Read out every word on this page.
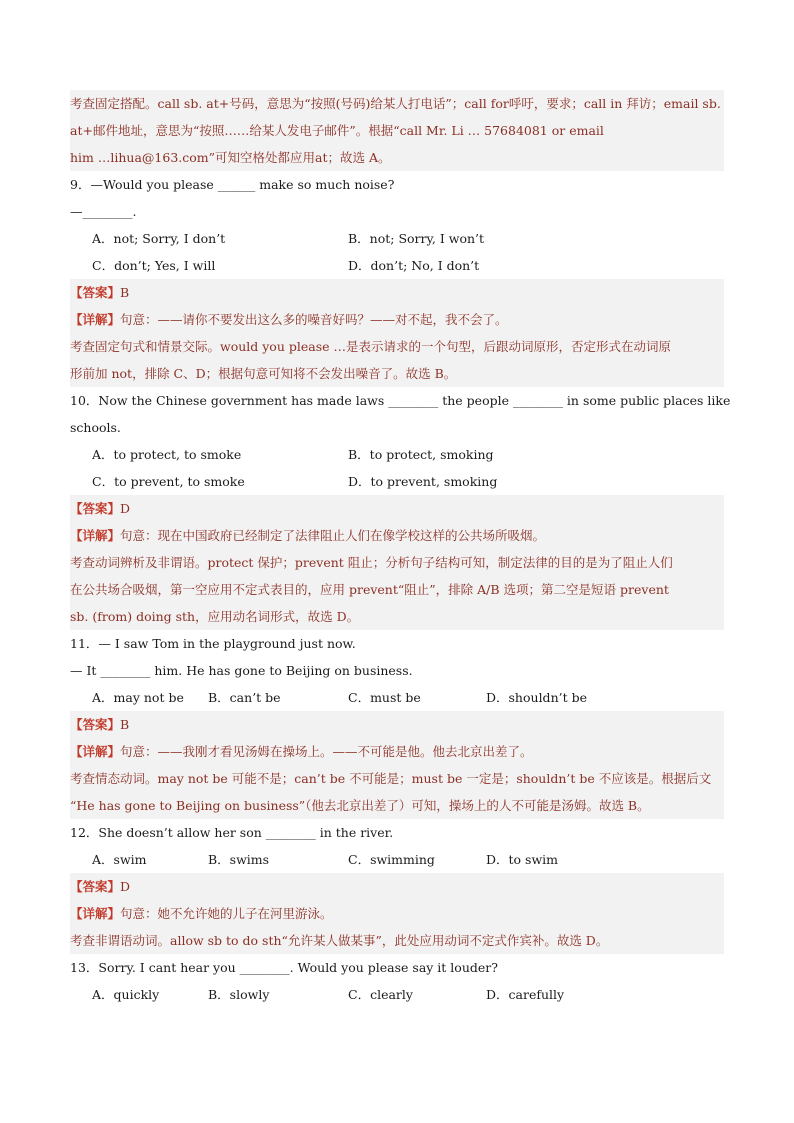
考查固定搭配。call sb. at+号码，意思为“按照(号码)给某人打电话”；call for呼吁，要求；call in 拜访；email sb.
at+邮件地址，意思为“按照……给某人发电子邮件”。根据“call Mr. Li … 57684081 or email
him …lihua@163.com”可知空格处都应用at；故选 A。
9．—Would you please ______ make so much noise?
—________.
A．not; Sorry, I don’t	B．not; Sorry, I won’t
C．don’t; Yes, I will	D．don’t; No, I don’t
【答案】B
【详解】句意：——请你不要发出这么多的噪音好吗？——对不起，我不会了。
考查固定句式和情景交际。would you please …是表示请求的一个句型，后跟动词原形，否定形式在动词原
形前加 not，排除 C、D；根据句意可知将不会发出噪音了。故选 B。
10．Now the Chinese government has made laws ________ the people ________ in some public places like
schools.
A．to protect, to smoke	B．to protect, smoking
C．to prevent, to smoke	D．to prevent, smoking
【答案】D
【详解】句意：现在中国政府已经制定了法律阻止人们在像学校这样的公共场所吸烟。
考查动词辨析及非谓语。protect 保护；prevent 阻止；分析句子结构可知，制定法律的目的是为了阻止人们
在公共场合吸烟，第一空应用不定式表目的，应用 prevent“阻止”，排除 A/B 选项；第二空是短语 prevent
sb. (from) doing sth，应用动名词形式，故选 D。
11．— I saw Tom in the playground just now.
— It ________ him. He has gone to Beijing on business.
A．may not be B．can’t be	C．must be	D．shouldn’t be
【答案】B
【详解】句意：——我刚才看见汤姆在操场上。——不可能是他。他去北京出差了。
考查情态动词。may not be 可能不是；can’t be 不可能是；must be 一定是；shouldn’t be 不应该是。根据后文
“He has gone to Beijing on business”（他去北京出差了）可知，操场上的人不可能是汤姆。故选 B。
12．She doesn’t allow her son ________ in the river.
A．swim	B．swims	C．swimming	D．to swim
【答案】D
【详解】句意：她不允许她的儿子在河里游泳。
考查非谓语动词。allow sb to do sth“允许某人做某事”，此处应用动词不定式作宾补。故选 D。
13．Sorry. I cant hear you ________. Would you please say it louder?
A．quickly	B．slowly	C．clearly	D．carefully
